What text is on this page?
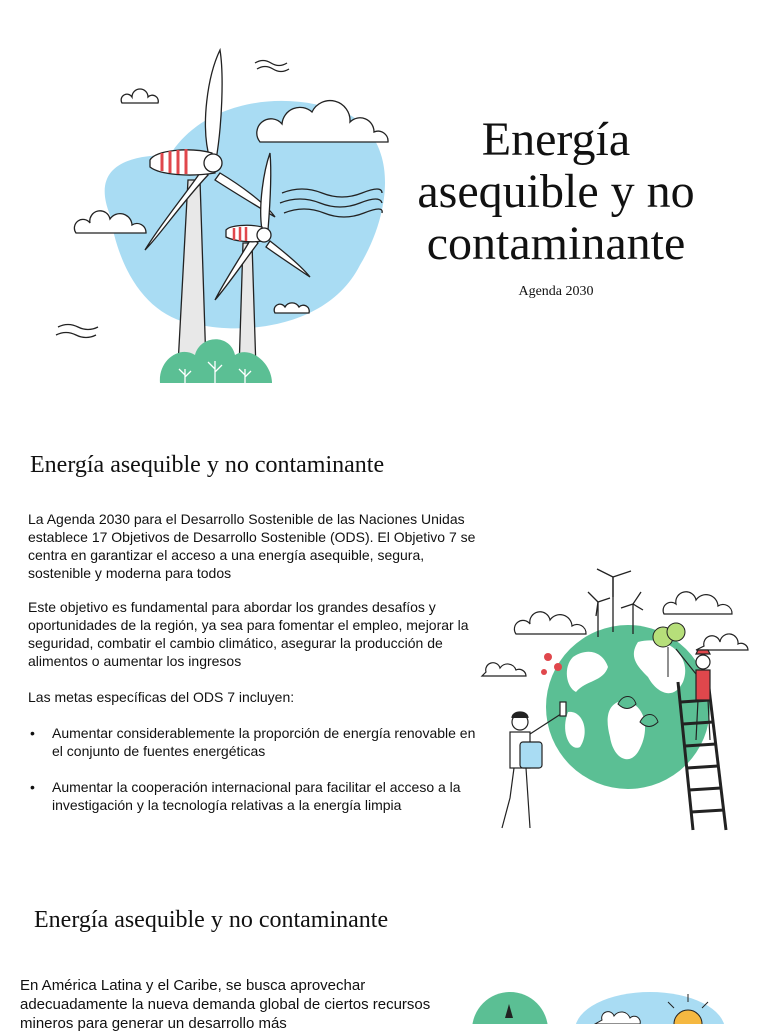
Energía asequible y no contaminante
Agenda 2030
Energía asequible y no contaminante
La Agenda 2030 para el Desarrollo Sostenible de las Naciones Unidas establece 17 Objetivos de Desarrollo Sostenible (ODS). El Objetivo 7 se centra en garantizar el acceso a una energía asequible, segura, sostenible y moderna para todos
Este objetivo es fundamental para abordar los grandes desafíos y oportunidades de la región, ya sea para fomentar el empleo, mejorar la seguridad, combatir el cambio climático, asegurar la producción de alimentos o aumentar los ingresos
Las metas específicas del ODS 7 incluyen:
• Aumentar considerablemente la proporción de energía renovable en el conjunto de fuentes energéticas
• Aumentar la cooperación internacional para facilitar el acceso a la investigación y la tecnología relativas a la energía limpia
Energía asequible y no contaminante
En América Latina y el Caribe, se busca aprovechar adecuadamente la nueva demanda global de ciertos recursos mineros para generar un desarrollo más
